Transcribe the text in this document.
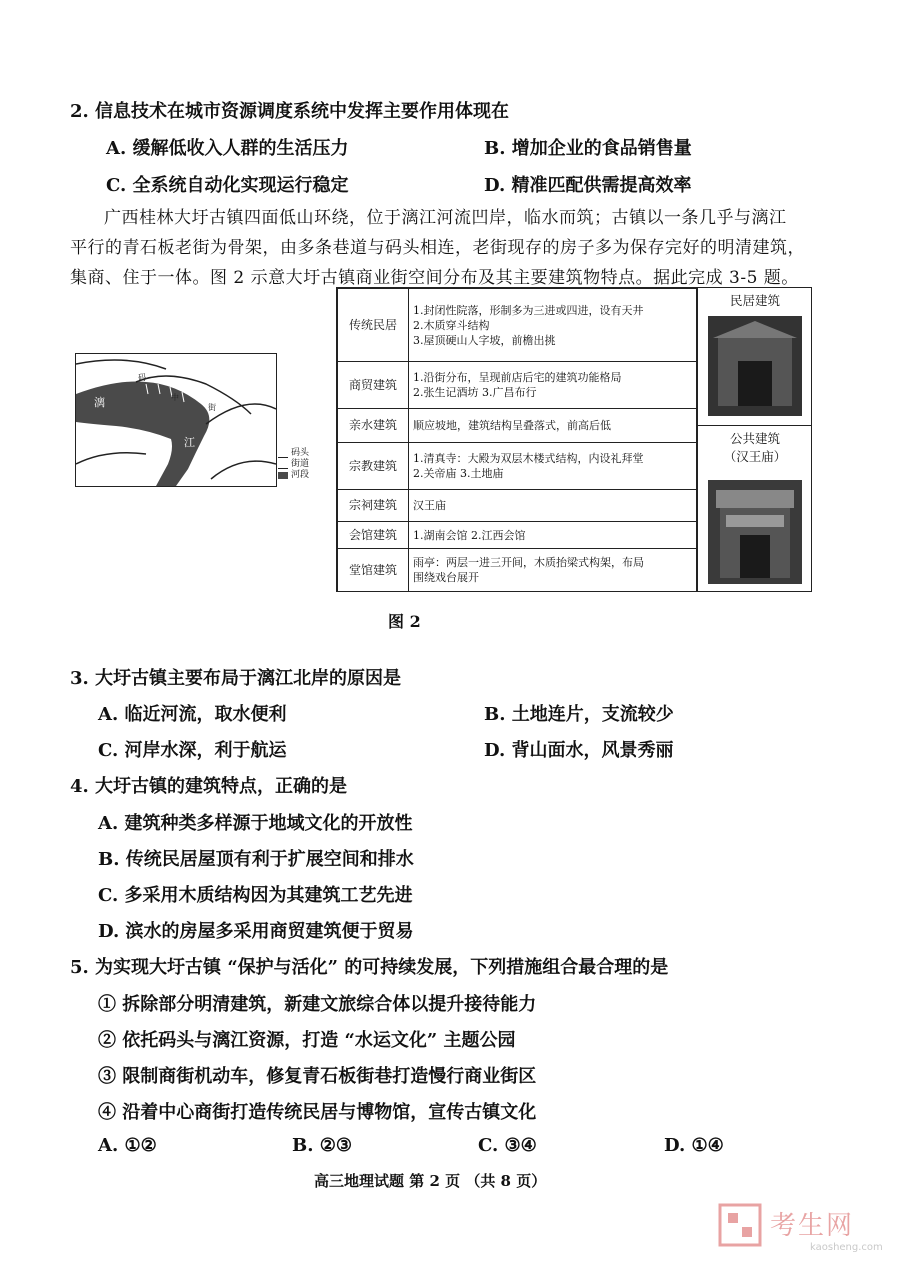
2. 信息技术在城市资源调度系统中发挥主要作用体现在
A. 缓解低收入人群的生活压力	B. 增加企业的食品销售量
C. 全系统自动化实现运行稳定	D. 精准匹配供需提高效率
广西桂林大圩古镇四面低山环绕，位于漓江河流凹岸，临水而筑；古镇以一条几乎与漓江
平行的青石板老街为骨架，由多条巷道与码头相连，老街现存的房子多为保存完好的明清建筑，
集商、住于一体。图 2 示意大圩古镇商业街空间分布及其主要建筑物特点。据此完成 3-5 题。
漓
江
码
中
街
码头
街道
河段
传统民居	1.封闭性院落，形制多为三进或四进，设有天井
2.木质穿斗结构
3.屋顶硬山人字坡，前檐出挑

商贸建筑	1.沿街分布，呈现前店后宅的建筑功能格局
2.张生记酒坊 3.广昌布行

亲水建筑	顺应坡地，建筑结构呈叠落式，前高后低
宗教建筑	1.清真寺：大殿为双层木楼式结构，内设礼拜堂
2.关帝庙 3.土地庙

宗祠建筑	汉王庙
会馆建筑	1.湖南会馆 2.江西会馆
堂馆建筑	雨亭：两层一进三开间，木质抬梁式构架，布局
围绕戏台展开
民居建筑
公共建筑
（汉王庙）
图 2
3. 大圩古镇主要布局于漓江北岸的原因是
A. 临近河流，取水便利	B. 土地连片，支流较少
C. 河岸水深，利于航运	D. 背山面水，风景秀丽
4. 大圩古镇的建筑特点，正确的是
A. 建筑种类多样源于地域文化的开放性
B. 传统民居屋顶有利于扩展空间和排水
C. 多采用木质结构因为其建筑工艺先进
D. 滨水的房屋多采用商贸建筑便于贸易
5. 为实现大圩古镇 “保护与活化” 的可持续发展，下列措施组合最合理的是
① 拆除部分明清建筑，新建文旅综合体以提升接待能力
② 依托码头与漓江资源，打造 “水运文化” 主题公园
③ 限制商街机动车，修复青石板街巷打造慢行商业街区
④ 沿着中心商街打造传统民居与博物馆，宣传古镇文化
A. ①②	B. ②③	C. ③④	D. ①④
高三地理试题 第 2 页 （共 8 页）
考生网
kaosheng.com
